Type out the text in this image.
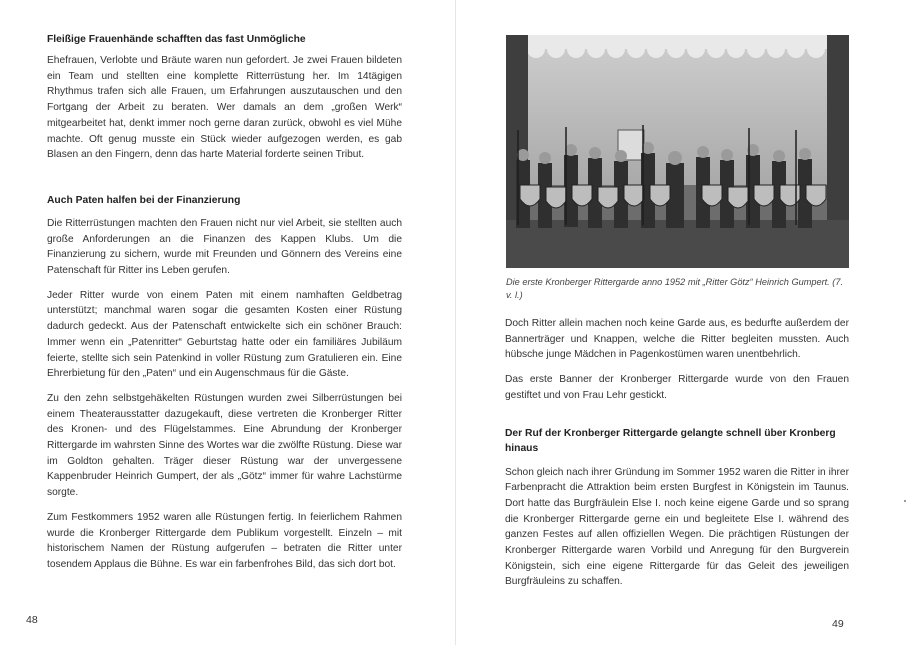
Fleißige Frauenhände schafften das fast Unmögliche

Ehefrauen, Verlobte und Bräute waren nun gefordert. Je zwei Frauen bildeten ein Team und stellten eine komplette Ritterrüstung her. Im 14tägigen Rhythmus trafen sich alle Frauen, um Erfahrungen auszutauschen und den Fortgang der Arbeit zu beraten. Wer damals an dem „großen Werk“ mitgearbeitet hat, denkt immer noch gerne daran zurück, obwohl es viel Mühe machte. Oft genug musste ein Stück wieder aufgezogen werden, es gab Blasen an den Fingern, denn das harte Material forderte seinen Tribut.

Auch Paten halfen bei der Finanzierung

Die Ritterrüstungen machten den Frauen nicht nur viel Arbeit, sie stellten auch große Anforderungen an die Finanzen des Kappen Klubs. Um die Finanzierung zu sichern, wurde mit Freunden und Gönnern des Vereins eine Patenschaft für Ritter ins Leben gerufen.

Jeder Ritter wurde von einem Paten mit einem namhaften Geldbetrag unterstützt; manchmal waren sogar die gesamten Kosten einer Rüstung dadurch gedeckt. Aus der Patenschaft entwickelte sich ein schöner Brauch: Immer wenn ein „Patenritter“ Geburtstag hatte oder ein familiäres Jubiläum feierte, stellte sich sein Patenkind in voller Rüstung zum Gratulieren ein. Eine Ehrerbietung für den „Paten“ und ein Augenschmaus für die Gäste.

Zu den zehn selbstgehäkelten Rüstungen wurden zwei Silberrüstungen bei einem Theaterausstatter dazugekauft, diese vertreten die Kronberger Ritter des Kronen- und des Flügelstammes. Eine Abrundung der Kronberger Rittergarde im wahrsten Sinne des Wortes war die zwölfte Rüstung. Diese war im Goldton gehalten. Träger dieser Rüstung war der unvergessene Kappenbruder Heinrich Gumpert, der als „Götz“ immer für wahre Lachstürme sorgte.

Zum Festkommers 1952 waren alle Rüstungen fertig. In feierlichem Rahmen wurde die Kronberger Rittergarde dem Publikum vorgestellt. Einzeln – mit historischem Namen der Rüstung aufgerufen – betraten die Ritter unter tosendem Applaus die Bühne. Es war ein farbenfrohes Bild, das sich dort bot.

48
Die erste Kronberger Rittergarde anno 1952 mit „Ritter Götz“ Heinrich Gumpert. (7. v. l.)

Doch Ritter allein machen noch keine Garde aus, es bedurfte außerdem der Bannerträger und Knappen, welche die Ritter begleiten mussten. Auch hübsche junge Mädchen in Pagenkostümen waren unentbehrlich.

Das erste Banner der Kronberger Rittergarde wurde von den Frauen gestiftet und von Frau Lehr gestickt.

Der Ruf der Kronberger Rittergarde gelangte schnell über Kronberg hinaus

Schon gleich nach ihrer Gründung im Sommer 1952 waren die Ritter in ihrer Farbenpracht die Attraktion beim ersten Burgfest in Königstein im Taunus. Dort hatte das Burgfräulein Else I. noch keine eigene Garde und so sprang die Kronberger Rittergarde gerne ein und begleitete Else I. während des ganzen Festes auf allen offiziellen Wegen. Die prächtigen Rüstungen der Kronberger Rittergarde waren Vorbild und Anregung für den Burgverein Königstein, sich eine eigene Rittergarde für das Geleit des jeweiligen Burgfräuleins zu schaffen.

49
